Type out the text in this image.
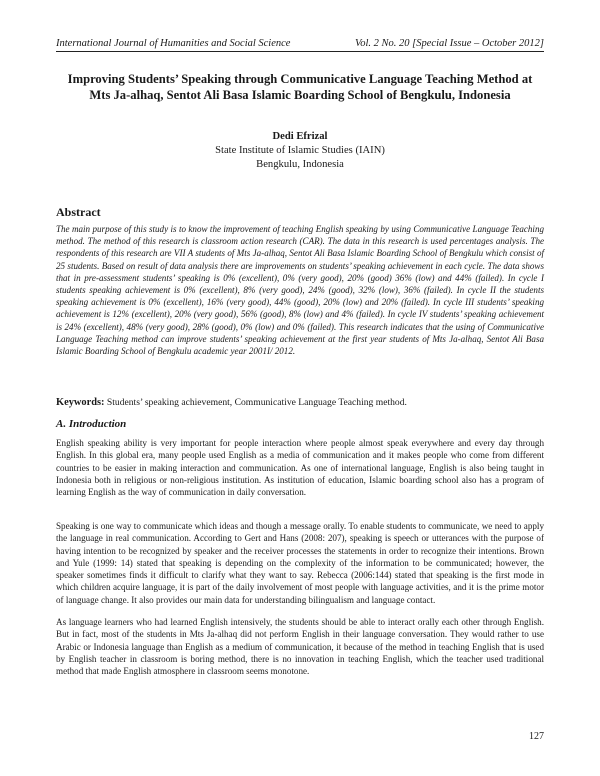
International Journal of Humanities and Social Science	Vol. 2 No. 20 [Special Issue – October 2012]
Improving Students’ Speaking through Communicative Language Teaching Method at
Mts Ja-alhaq, Sentot Ali Basa Islamic Boarding School of Bengkulu, Indonesia
Dedi Efrizal
State Institute of Islamic Studies (IAIN)
Bengkulu, Indonesia
Abstract
The main purpose of this study is to know the improvement of teaching English speaking by using Communicative Language Teaching method. The method of this research is classroom action research (CAR). The data in this research is used percentages analysis. The respondents of this research are VII A students of Mts Ja-alhaq, Sentot Ali Basa Islamic Boarding School of Bengkulu which consist of 25 students. Based on result of data analysis there are improvements on students’ speaking achievement in each cycle. The data shows that in pre-assessment students’ speaking is 0% (excellent), 0% (very good), 20% (good) 36% (low) and 44% (failed). In cycle I students speaking achievement is 0% (excellent), 8% (very good), 24% (good), 32% (low), 36% (failed). In cycle II the students speaking achievement is 0% (excellent), 16% (very good), 44% (good), 20% (low) and 20% (failed). In cycle III students’ speaking achievement is 12% (excellent), 20% (very good), 56% (good), 8% (low) and 4% (failed). In cycle IV students’ speaking achievement is 24% (excellent), 48% (very good), 28% (good), 0% (low) and 0% (failed). This research indicates that the using of Communicative Language Teaching method can improve students’ speaking achievement at the first year students of Mts Ja-alhaq, Sentot Ali Basa Islamic Boarding School of Bengkulu academic year 2001I/ 2012.
Keywords: Students’ speaking achievement, Communicative Language Teaching method.
A. Introduction
English speaking ability is very important for people interaction where people almost speak everywhere and every day through English. In this global era, many people used English as a media of communication and it makes people who come from different countries to be easier in making interaction and communication. As one of international language, English is also being taught in Indonesia both in religious or non-religious institution. As institution of education, Islamic boarding school also has a program of learning English as the way of communication in daily conversation.
Speaking is one way to communicate which ideas and though a message orally. To enable students to communicate, we need to apply the language in real communication. According to Gert and Hans (2008: 207), speaking is speech or utterances with the purpose of having intention to be recognized by speaker and the receiver processes the statements in order to recognize their intentions. Brown and Yule (1999: 14) stated that speaking is depending on the complexity of the information to be communicated; however, the speaker sometimes finds it difficult to clarify what they want to say. Rebecca (2006:144) stated that speaking is the first mode in which children acquire language, it is part of the daily involvement of most people with language activities, and it is the prime motor of language change. It also provides our main data for understanding bilingualism and language contact.
As language learners who had learned English intensively, the students should be able to interact orally each other through English. But in fact, most of the students in Mts Ja-alhaq did not perform English in their language conversation. They would rather to use Arabic or Indonesia language than English as a medium of communication, it because of the method in teaching English that is used by English teacher in classroom is boring method, there is no innovation in teaching English, which the teacher used traditional method that made English atmosphere in classroom seems monotone.
127
